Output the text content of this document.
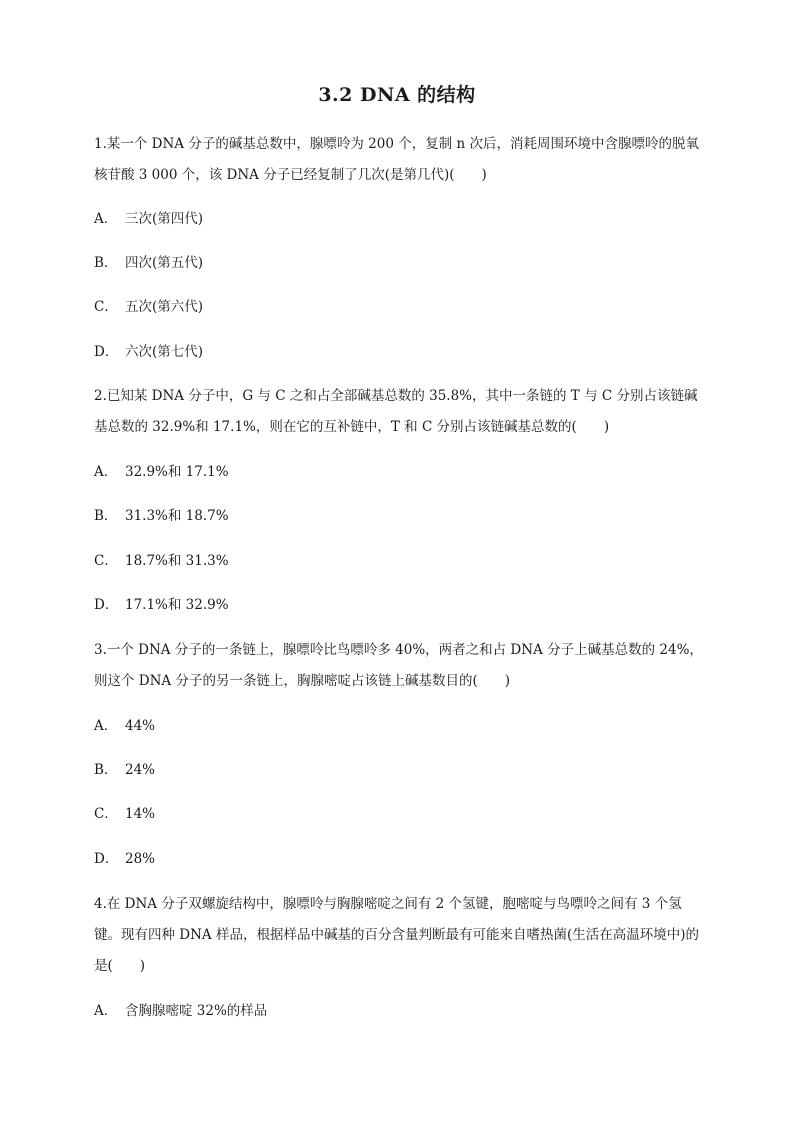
3.2 DNA 的结构
1.某一个 DNA 分子的碱基总数中，腺嘌呤为 200 个，复制 n 次后，消耗周围环境中含腺嘌呤的脱氧核苷酸 3 000 个，该 DNA 分子已经复制了几次(是第几代)(　　)
A． 三次(第四代)
B． 四次(第五代)
C． 五次(第六代)
D． 六次(第七代)
2.已知某 DNA 分子中，G 与 C 之和占全部碱基总数的 35.8%，其中一条链的 T 与 C 分别占该链碱基总数的 32.9%和 17.1%，则在它的互补链中，T 和 C 分别占该链碱基总数的(　　)
A． 32.9%和 17.1%
B． 31.3%和 18.7%
C． 18.7%和 31.3%
D． 17.1%和 32.9%
3.一个 DNA 分子的一条链上，腺嘌呤比鸟嘌呤多 40%，两者之和占 DNA 分子上碱基总数的 24%，则这个 DNA 分子的另一条链上，胸腺嘧啶占该链上碱基数目的(　　)
A． 44%
B． 24%
C． 14%
D． 28%
4.在 DNA 分子双螺旋结构中，腺嘌呤与胸腺嘧啶之间有 2 个氢键，胞嘧啶与鸟嘌呤之间有 3 个氢键。现有四种 DNA 样品，根据样品中碱基的百分含量判断最有可能来自嗜热菌(生活在高温环境中)的是(　　)
A． 含胸腺嘧啶 32%的样品
